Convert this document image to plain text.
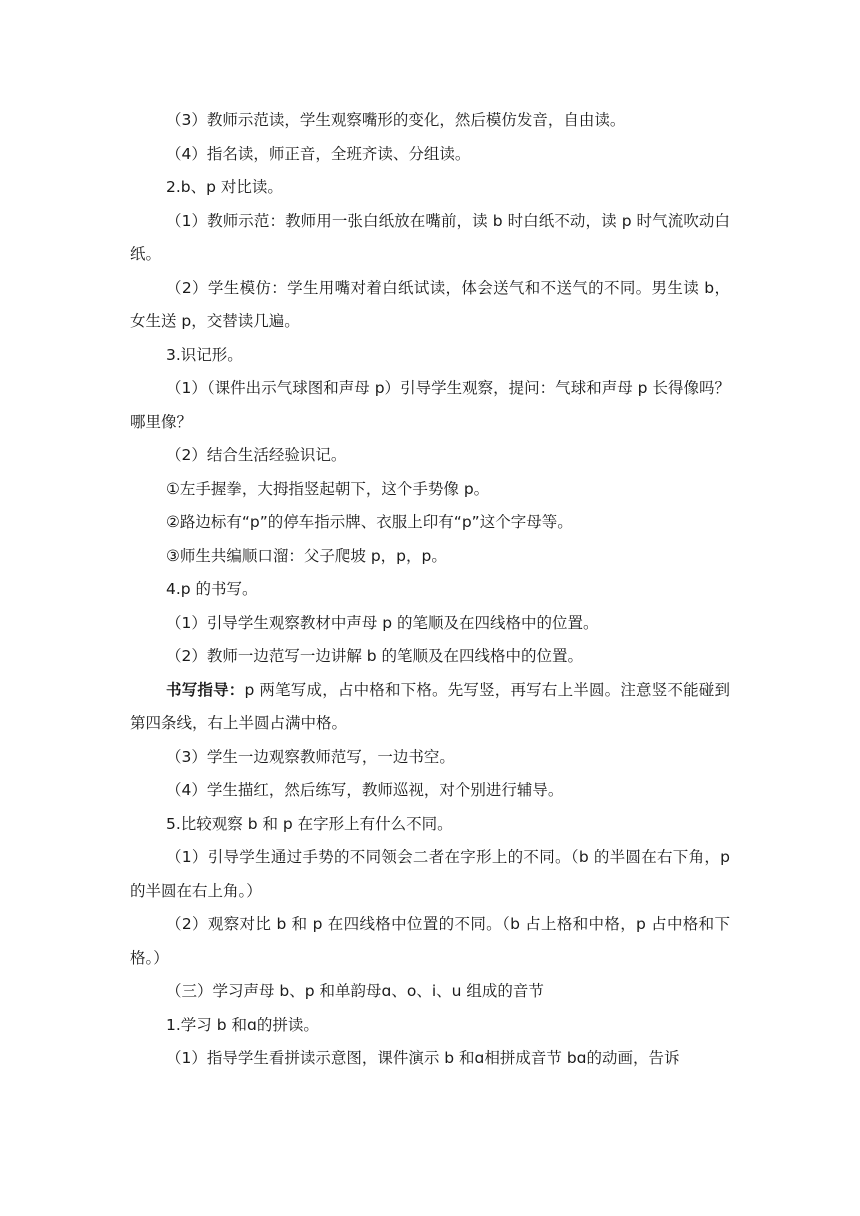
（3）教师示范读，学生观察嘴形的变化，然后模仿发音，自由读。

（4）指名读，师正音，全班齐读、分组读。

2.b、p 对比读。

（1）教师示范：教师用一张白纸放在嘴前，读 b 时白纸不动，读 p 时气流吹动白纸。

（2）学生模仿：学生用嘴对着白纸试读，体会送气和不送气的不同。男生读 b，女生送 p，交替读几遍。

3.识记形。

（1）（课件出示气球图和声母 p）引导学生观察，提问：气球和声母 p 长得像吗？哪里像？

（2）结合生活经验识记。

①左手握拳，大拇指竖起朝下，这个手势像 p。

②路边标有“p”的停车指示牌、衣服上印有“p”这个字母等。

③师生共编顺口溜：父子爬坡 p，p，p。

4.p 的书写。

（1）引导学生观察教材中声母 p 的笔顺及在四线格中的位置。

（2）教师一边范写一边讲解 b 的笔顺及在四线格中的位置。

书写指导：p 两笔写成，占中格和下格。先写竖，再写右上半圆。注意竖不能碰到第四条线，右上半圆占满中格。

（3）学生一边观察教师范写，一边书空。

（4）学生描红，然后练写，教师巡视，对个别进行辅导。

5.比较观察 b 和 p 在字形上有什么不同。

（1）引导学生通过手势的不同领会二者在字形上的不同。（b 的半圆在右下角，p 的半圆在右上角。）

（2）观察对比 b 和 p 在四线格中位置的不同。（b 占上格和中格，p 占中格和下格。）

（三）学习声母 b、p 和单韵母ɑ、o、i、u 组成的音节

1.学习 b 和ɑ的拼读。

（1）指导学生看拼读示意图，课件演示 b 和ɑ相拼成音节 bɑ的动画，告诉
